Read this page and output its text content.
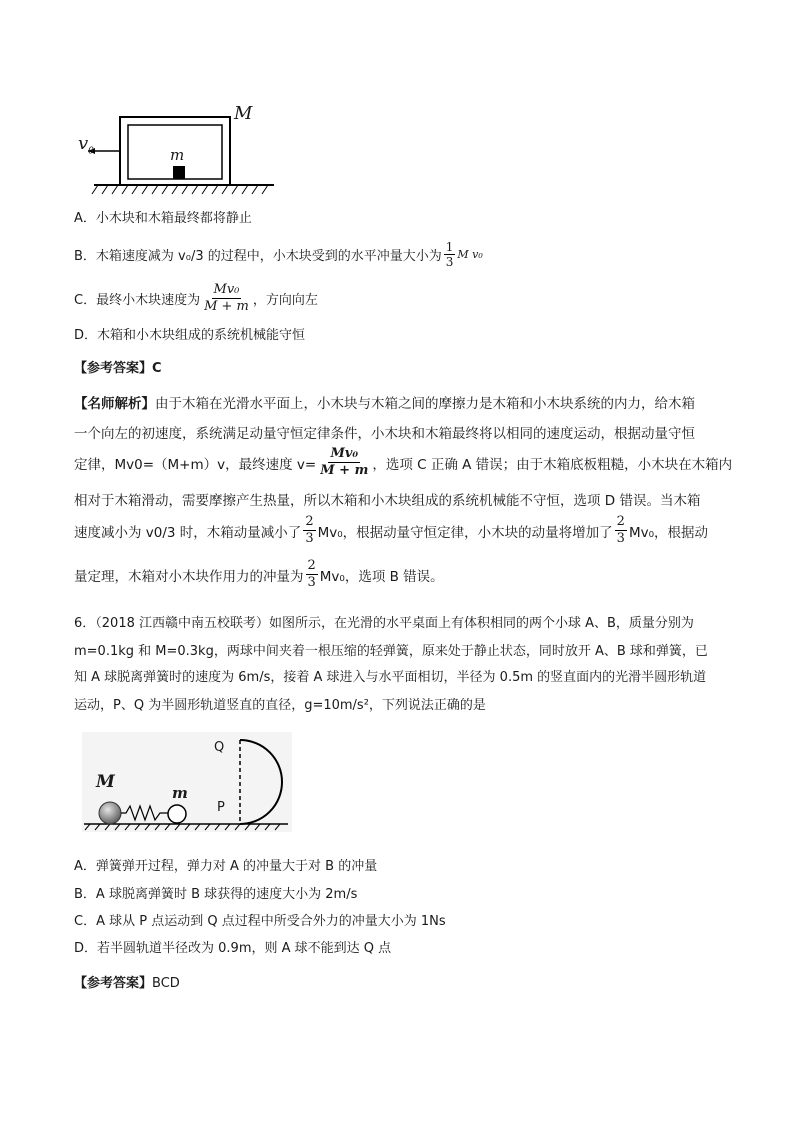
M
m
$v_0$
A．小木块和木箱最终都将静止
B．木箱速度减为 v₀/3 的过程中，小木块受到的水平冲量大小为 $\frac{1}{3}$ M v₀
C．最终小木块速度为 $\frac{\text{Mv₀}}{M + m}$ ，方向向左
D．木箱和小木块组成的系统机械能守恒
【参考答案】C
【名师解析】由于木箱在光滑水平面上，小木块与木箱之间的摩擦力是木箱和小木块系统的内力，给木箱
一个向左的初速度，系统满足动量守恒定律条件，小木块和木箱最终将以相同的速度运动，根据动量守恒
定律，Mv0=（M+m）v，最终速度 $v= \frac{\text{Mv₀}}{M + m}$ ，选项 C 正确 A 错误；由于木箱底板粗糙，小木块在木箱内
相对于木箱滑动，需要摩擦产生热量，所以木箱和小木块组成的系统机械能不守恒，选项 D 错误。当木箱
速度减小为 v0/3 时，木箱动量减小了 $\frac{2}{3} Mv_0$，根据动量守恒定律，小木块的动量将增加了 $\frac{2}{3} Mv_0$，根据动
量定理，木箱对小木块作用力的冲量为 $\frac{2}{3} Mv_0$，选项 B 错误。
6．（2018 江西赣中南五校联考）如图所示，在光滑的水平桌面上有体积相同的两个小球 A、B，质量分别为
m=0.1kg 和 M=0.3kg，两球中间夹着一根压缩的轻弹簧，原来处于静止状态，同时放开 A、B 球和弹簧，已
知 A 球脱离弹簧时的速度为 6m/s，接着 A 球进入与水平面相切，半径为 0.5m 的竖直面内的光滑半圆形轨道
运动，P、Q 为半圆形轨道竖直的直径，g=10m/s²，下列说法正确的是
M
m
Q
P
A．弹簧弹开过程，弹力对 A 的冲量大于对 B 的冲量
B．A 球脱离弹簧时 B 球获得的速度大小为 2m/s
C．A 球从 P 点运动到 Q 点过程中所受合外力的冲量大小为 1Ns
D．若半圆轨道半径改为 0.9m，则 A 球不能到达 Q 点
【参考答案】BCD
